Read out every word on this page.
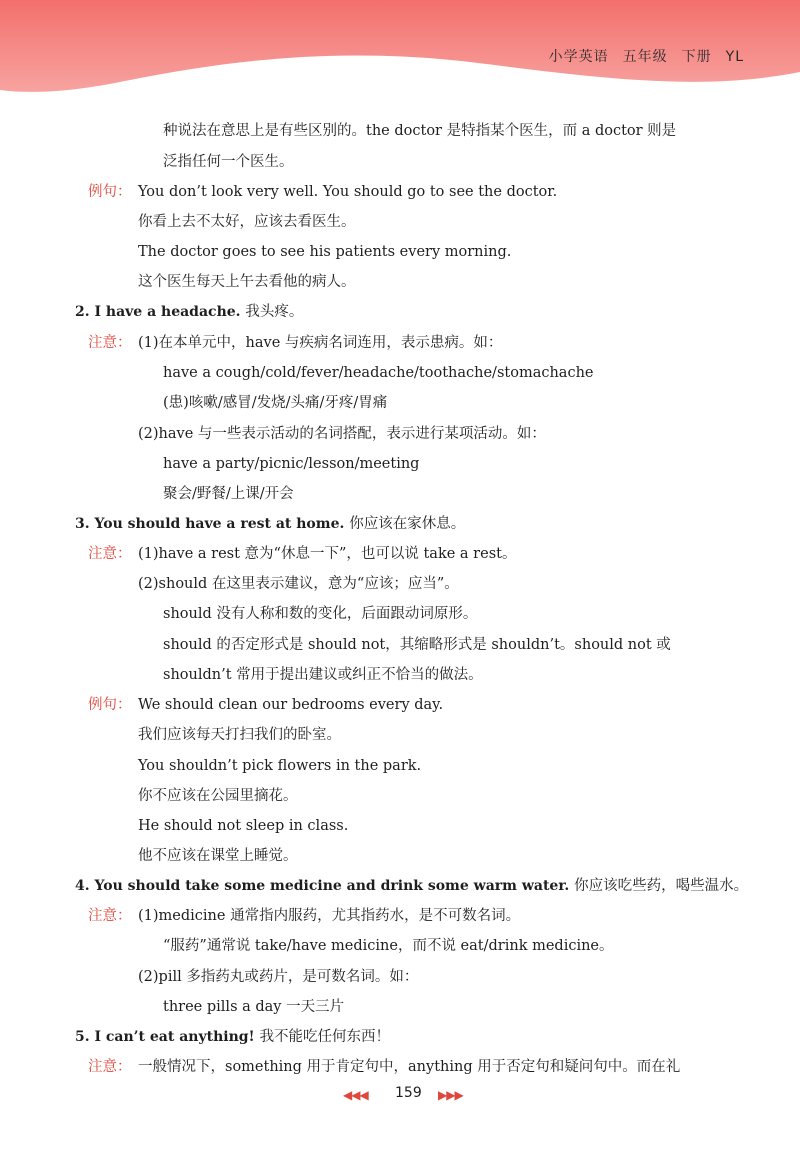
小学英语 五年级 下册 YL
种说法在意思上是有些区别的。the doctor 是特指某个医生，而 a doctor 则是
泛指任何一个医生。
例句： You don’t look very well. You should go to see the doctor.
你看上去不太好，应该去看医生。
The doctor goes to see his patients every morning.
这个医生每天上午去看他的病人。
2. I have a headache. 我头疼。
注意： (1)在本单元中，have 与疾病名词连用，表示患病。如：
have a cough/cold/fever/headache/toothache/stomachache
(患)咳嗽/感冒/发烧/头痛/牙疼/胃痛
(2)have 与一些表示活动的名词搭配，表示进行某项活动。如：
have a party/picnic/lesson/meeting
聚会/野餐/上课/开会
3. You should have a rest at home. 你应该在家休息。
注意： (1)have a rest 意为“休息一下”，也可以说 take a rest。
(2)should 在这里表示建议，意为“应该；应当”。
should 没有人称和数的变化，后面跟动词原形。
should 的否定形式是 should not，其缩略形式是 shouldn’t。should not 或
shouldn’t 常用于提出建议或纠正不恰当的做法。
例句： We should clean our bedrooms every day.
我们应该每天打扫我们的卧室。
You shouldn’t pick flowers in the park.
你不应该在公园里摘花。
He should not sleep in class.
他不应该在课堂上睡觉。
4. You should take some medicine and drink some warm water. 你应该吃些药，喝些温水。
注意： (1)medicine 通常指内服药，尤其指药水，是不可数名词。
“服药”通常说 take/have medicine，而不说 eat/drink medicine。
(2)pill 多指药丸或药片，是可数名词。如：
three pills a day 一天三片
5. I can’t eat anything! 我不能吃任何东西！
注意： 一般情况下，something 用于肯定句中，anything 用于否定句和疑问句中。而在礼
◀◀◀ 159 ▶▶▶
